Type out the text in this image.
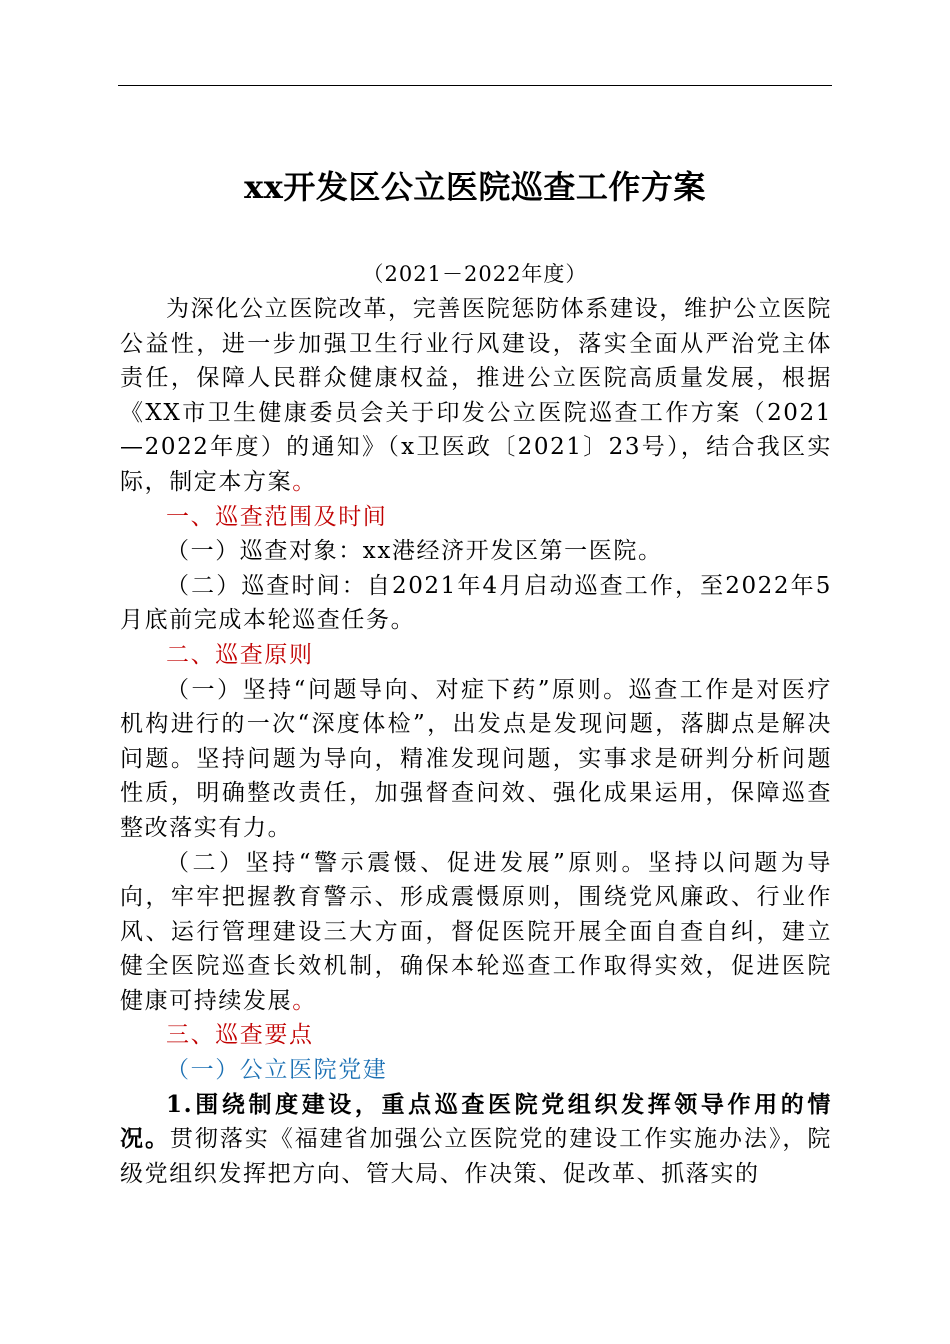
xx开发区公立医院巡查工作方案
（2021－2022年度）

为深化公立医院改革，完善医院惩防体系建设，维护公立医院公益性，进一步加强卫生行业行风建设，落实全面从严治党主体责任，保障人民群众健康权益，推进公立医院高质量发展，根据《XX市卫生健康委员会关于印发公立医院巡查工作方案（2021—2022年度）的通知》（x卫医政〔2021〕23号），结合我区实际，制定本方案。

一、巡查范围及时间

（一）巡查对象：xx港经济开发区第一医院。

（二）巡查时间：自2021年4月启动巡查工作，至2022年5月底前完成本轮巡查任务。

二、巡查原则

（一）坚持“问题导向、对症下药”原则。巡查工作是对医疗机构进行的一次“深度体检”，出发点是发现问题，落脚点是解决问题。坚持问题为导向，精准发现问题，实事求是研判分析问题性质，明确整改责任，加强督查问效、强化成果运用，保障巡查整改落实有力。

（二）坚持“警示震慑、促进发展”原则。坚持以问题为导向，牢牢把握教育警示、形成震慑原则，围绕党风廉政、行业作风、运行管理建设三大方面，督促医院开展全面自查自纠，建立健全医院巡查长效机制，确保本轮巡查工作取得实效，促进医院健康可持续发展。

三、巡查要点

（一）公立医院党建

1.围绕制度建设，重点巡查医院党组织发挥领导作用的情况。贯彻落实《福建省加强公立医院党的建设工作实施办法》，院级党组织发挥把方向、管大局、作决策、促改革、抓落实的
